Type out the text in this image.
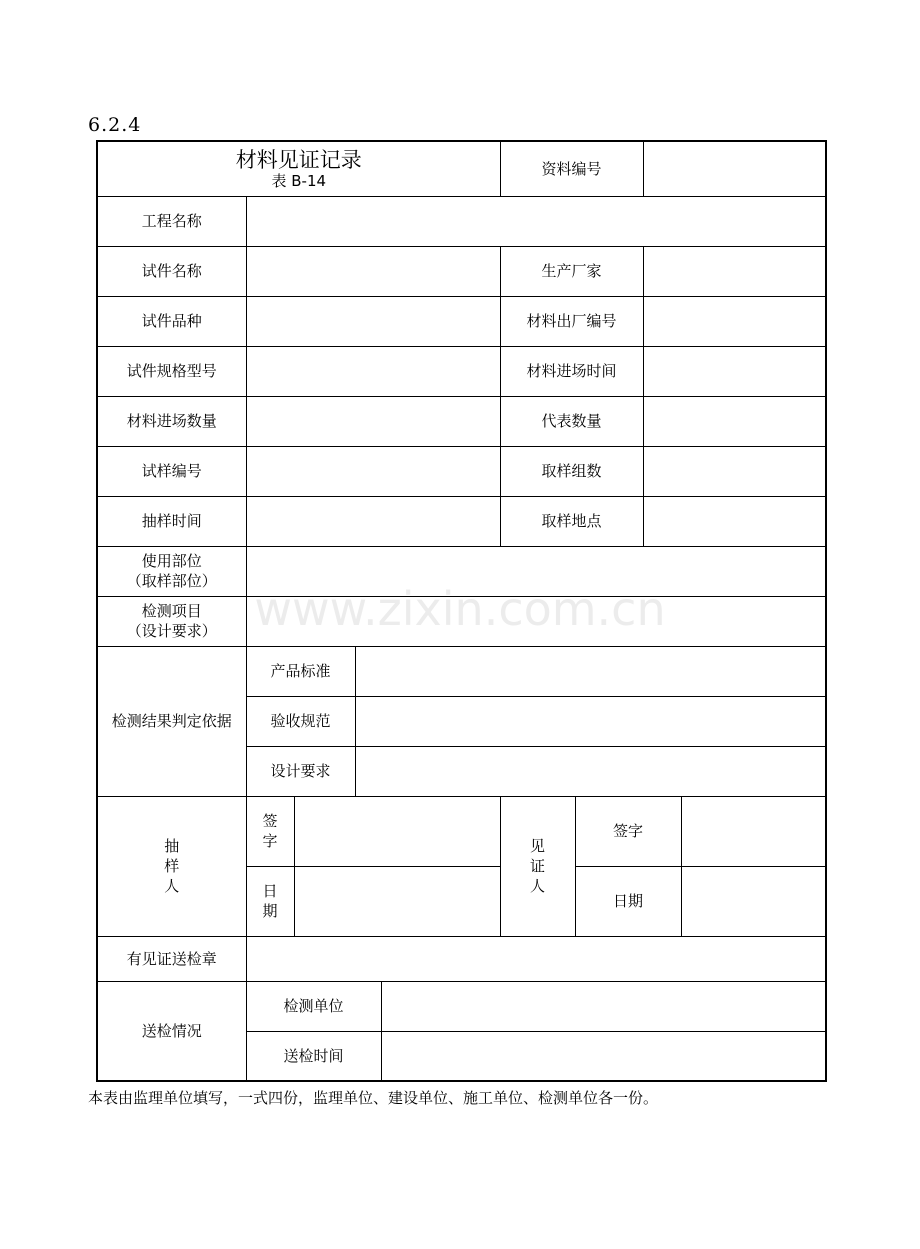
6.2.4
材料见证记录
表 B-14					资料编号			
工程名称								
试件名称					生产厂家			
试件品种					材料出厂编号			
试件规格型号					材料进场时间			
材料进场数量					代表数量			
试样编号					取样组数			
抽样时间					取样地点			

使用部位
（取样部位）								

检测项目
（设计要求）								

检测结果判定依据	产品标准							
	验收规范							
	设计要求							
抽样人	签字				见证人	签字		
	日期					日期		
有见证送检章								
送检情况	检测单位							
	送检时间							
www.zixin.com.cn
本表由监理单位填写，一式四份，监理单位、建设单位、施工单位、检测单位各一份。
